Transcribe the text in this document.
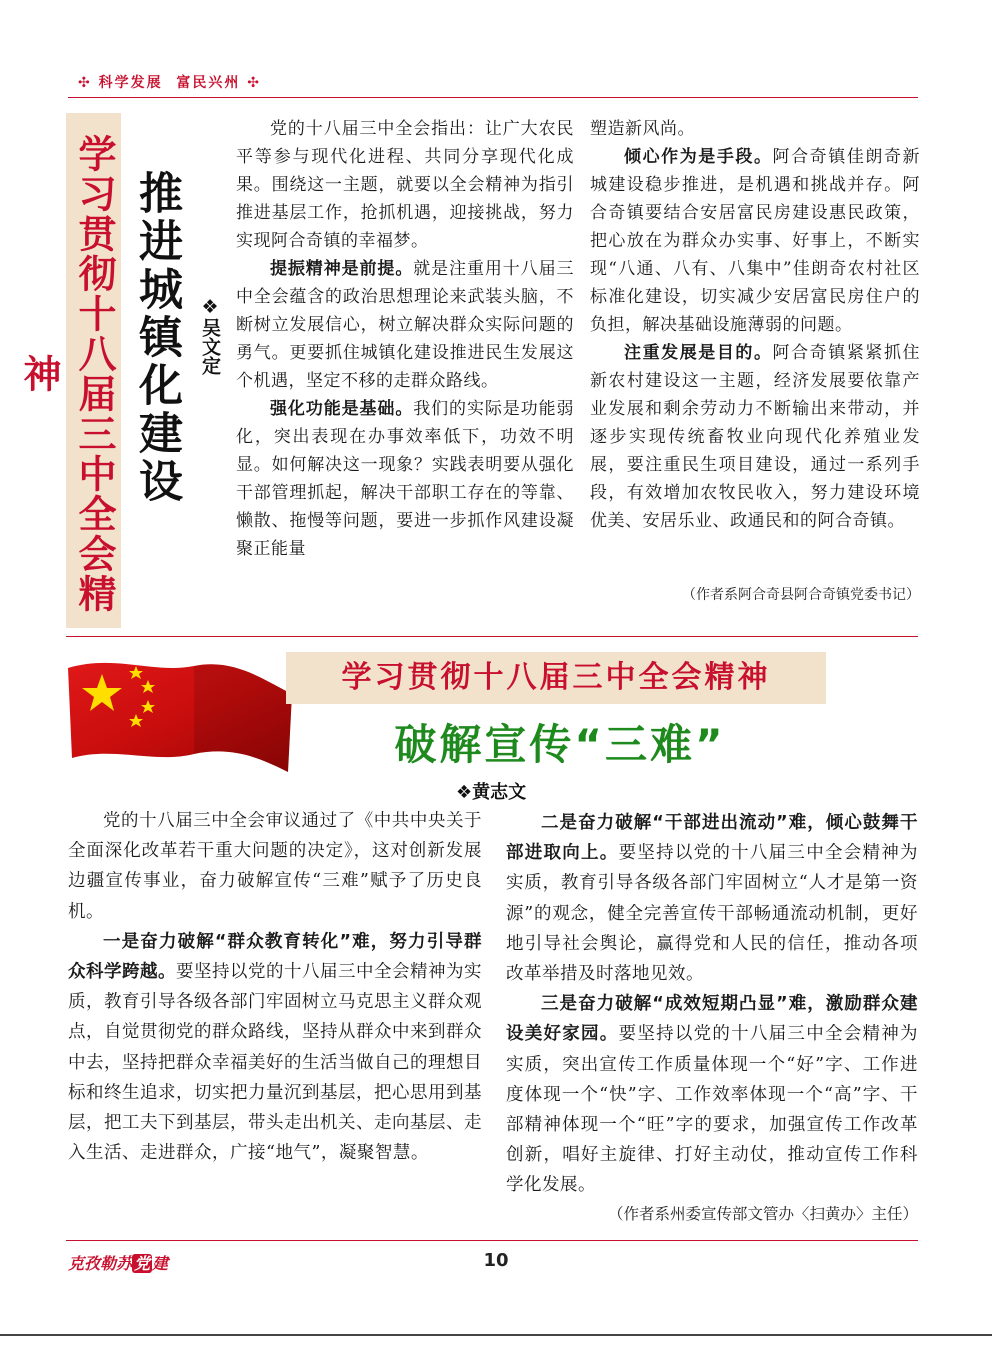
✣ 科学发展  富民兴州 ✣
学习贯彻十八届三中全会精神	推进城镇化建设 ❖吴文定

党的十八届三中全会指出：让广大农民平等参与现代化进程、共同分享现代化成果。围绕这一主题，就要以全会精神为指引推进基层工作，抢抓机遇，迎接挑战，努力实现阿合奇镇的幸福梦。

提振精神是前提。就是注重用十八届三中全会蕴含的政治思想理论来武装头脑，不断树立发展信心，树立解决群众实际问题的勇气。更要抓住城镇化建设推进民生发展这个机遇，坚定不移的走群众路线。

强化功能是基础。我们的实际是功能弱化，突出表现在办事效率低下，功效不明显。如何解决这一现象？实践表明要从强化干部管理抓起，解决干部职工存在的等靠、懒散、拖慢等问题，要进一步抓作风建设凝聚正能量

塑造新风尚。

倾心作为是手段。阿合奇镇佳朗奇新城建设稳步推进，是机遇和挑战并存。阿合奇镇要结合安居富民房建设惠民政策，把心放在为群众办实事、好事上，不断实现“八通、八有、八集中”佳朗奇农村社区标准化建设，切实减少安居富民房住户的负担，解决基础设施薄弱的问题。

注重发展是目的。阿合奇镇紧紧抓住新农村建设这一主题，经济发展要依靠产业发展和剩余劳动力不断输出来带动，并逐步实现传统畜牧业向现代化养殖业发展，要注重民生项目建设，通过一系列手段，有效增加农牧民收入，努力建设环境优美、安居乐业、政通民和的阿合奇镇。

（作者系阿合奇县阿合奇镇党委书记）
学习贯彻十八届三中全会精神
破解宣传“三难”
❖黄志文

党的十八届三中全会审议通过了《中共中央关于全面深化改革若干重大问题的决定》，这对创新发展边疆宣传事业，奋力破解宣传“三难”赋予了历史良机。

一是奋力破解“群众教育转化”难，努力引导群众科学跨越。要坚持以党的十八届三中全会精神为实质，教育引导各级各部门牢固树立马克思主义群众观点，自觉贯彻党的群众路线，坚持从群众中来到群众中去，坚持把群众幸福美好的生活当做自己的理想目标和终生追求，切实把力量沉到基层，把心思用到基层，把工夫下到基层，带头走出机关、走向基层、走入生活、走进群众，广接“地气”，凝聚智慧。

二是奋力破解“干部进出流动”难，倾心鼓舞干部进取向上。要坚持以党的十八届三中全会精神为实质，教育引导各级各部门牢固树立“人才是第一资源”的观念，健全完善宣传干部畅通流动机制，更好地引导社会舆论，赢得党和人民的信任，推动各项改革举措及时落地见效。

三是奋力破解“成效短期凸显”难，激励群众建设美好家园。要坚持以党的十八届三中全会精神为实质，突出宣传工作质量体现一个“好”字、工作进度体现一个“快”字、工作效率体现一个“高”字、干部精神体现一个“旺”字的要求，加强宣传工作改革创新，唱好主旋律、打好主动仗，推动宣传工作科学化发展。

（作者系州委宣传部文管办〈扫黄办〉主任）
克孜勒苏 党 建	10
